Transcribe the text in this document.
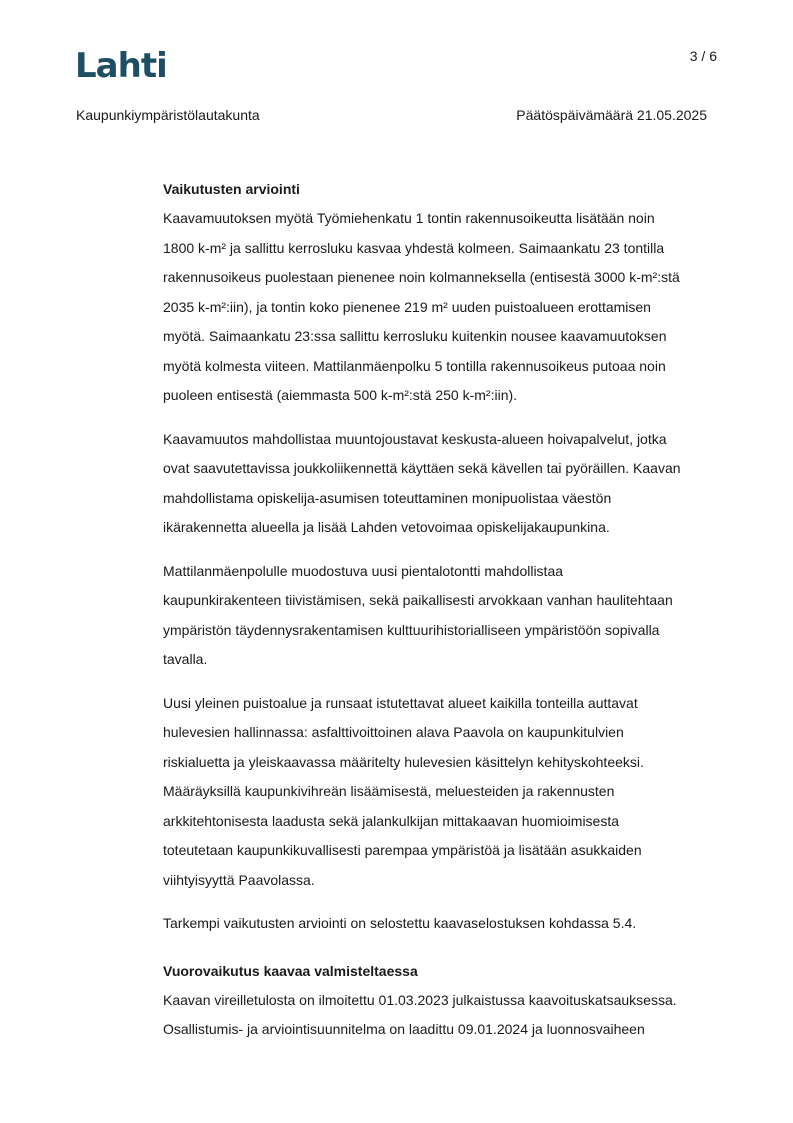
Lahti	3 / 6
Kaupunkiympäristölautakunta	Päätöspäivämäärä 21.05.2025
Vaikutusten arviointi

Kaavamuutoksen myötä Työmiehenkatu 1 tontin rakennusoikeutta lisätään noin
1800 k-m² ja sallittu kerrosluku kasvaa yhdestä kolmeen. Saimaankatu 23 tontilla
rakennusoikeus puolestaan pienenee noin kolmanneksella (entisestä 3000 k-m²:stä
2035 k-m²:iin), ja tontin koko pienenee 219 m² uuden puistoalueen erottamisen
myötä. Saimaankatu 23:ssa sallittu kerrosluku kuitenkin nousee kaavamuutoksen
myötä kolmesta viiteen. Mattilanmäenpolku 5 tontilla rakennusoikeus putoaa noin
puoleen entisestä (aiemmasta 500 k-m²:stä 250 k-m²:iin).

Kaavamuutos mahdollistaa muuntojoustavat keskusta-alueen hoivapalvelut, jotka
ovat saavutettavissa joukkoliikennettä käyttäen sekä kävellen tai pyöräillen. Kaavan
mahdollistama opiskelija-asumisen toteuttaminen monipuolistaa väestön
ikärakennetta alueella ja lisää Lahden vetovoimaa opiskelijakaupunkina.

Mattilanmäenpolulle muodostuva uusi pientalotontti mahdollistaa
kaupunkirakenteen tiivistämisen, sekä paikallisesti arvokkaan vanhan haulitehtaan
ympäristön täydennysrakentamisen kulttuurihistorialliseen ympäristöön sopivalla
tavalla.

Uusi yleinen puistoalue ja runsaat istutettavat alueet kaikilla tonteilla auttavat
hulevesien hallinnassa: asfalttivoittoinen alava Paavola on kaupunkitulvien
riskialuetta ja yleiskaavassa määritelty hulevesien käsittelyn kehityskohteeksi.
Määräyksillä kaupunkivihreän lisäämisestä, meluesteiden ja rakennusten
arkkitehtonisesta laadusta sekä jalankulkijan mittakaavan huomioimisesta
toteutetaan kaupunkikuvallisesti parempaa ympäristöä ja lisätään asukkaiden
viihtyisyyttä Paavolassa.

Tarkempi vaikutusten arviointi on selostettu kaavaselostuksen kohdassa 5.4.

Vuorovaikutus kaavaa valmisteltaessa

Kaavan vireilletulosta on ilmoitettu 01.03.2023 julkaistussa kaavoituskatsauksessa.
Osallistumis- ja arviointisuunnitelma on laadittu 09.01.2024 ja luonnosvaiheen
